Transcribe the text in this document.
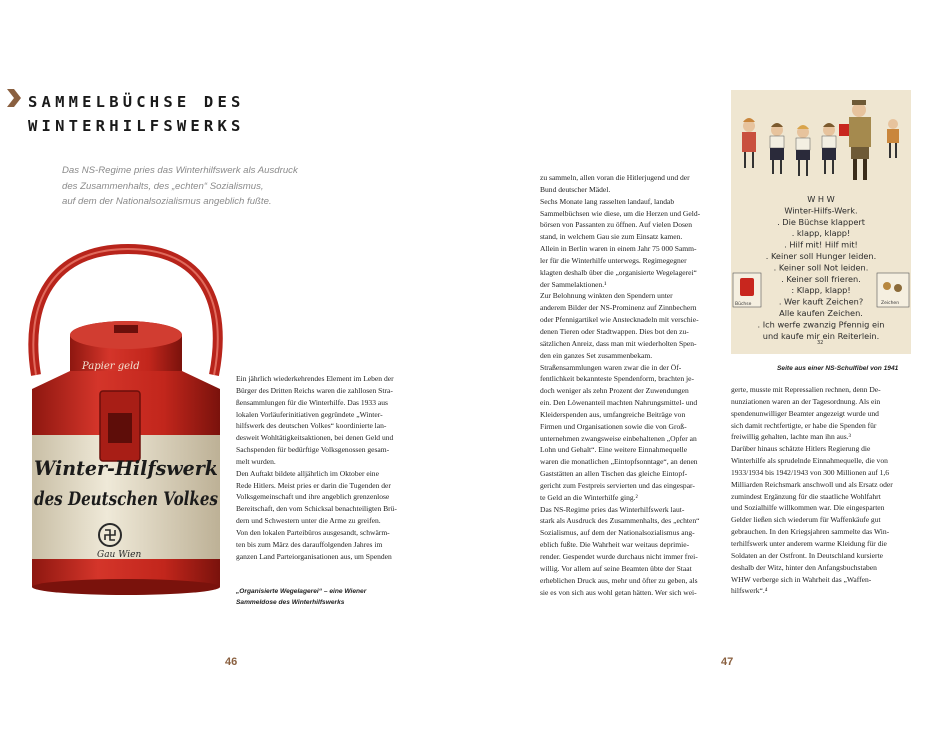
SAMMELBÜCHSE DES
WINTERHILFSWERKS
Das NS-Regime pries das Winterhilfswerk als Ausdruck
des Zusammenhalts, des „echten“ Sozialismus,
auf dem der Nationalsozialismus angeblich fußte.
Papier geld
Winter-Hilfswerk
des Deutschen Volkes
Gau Wien
„Organisierte Wegelagerei“ – eine Wiener
Sammeldose des Winterhilfswerks
Ein jährlich wiederkehrendes Element im Leben der
Bürger des Dritten Reichs waren die zahllosen Stra-
ßensammlungen für die Winterhilfe. Das 1933 aus
lokalen Vorläuferinitiativen gegründete „Winter-
hilfswerk des deutschen Volkes“ koordinierte lan-
desweit Wohltätigkeitsaktionen, bei denen Geld und
Sachspenden für bedürftige Volksgenossen gesam-
melt wurden.
Den Auftakt bildete alljährlich im Oktober eine
Rede Hitlers. Meist pries er darin die Tugenden der
Volksgemeinschaft und ihre angeblich grenzenlose
Bereitschaft, den vom Schicksal benachteiligten Brü-
dern und Schwestern unter die Arme zu greifen.
Von den lokalen Parteibüros ausgesandt, schwärm-
ten bis zum März des darauffolgenden Jahres im
ganzen Land Parteiorganisationen aus, um Spenden
zu sammeln, allen voran die Hitlerjugend und der
Bund deutscher Mädel.
Sechs Monate lang rasselten landauf, landab
Sammelbüchsen wie diese, um die Herzen und Geld-
börsen von Passanten zu öffnen. Auf vielen Dosen
stand, in welchem Gau sie zum Einsatz kamen.
Allein in Berlin waren in einem Jahr 75 000 Samm-
ler für die Winterhilfe unterwegs. Regimegegner
klagten deshalb über die „organisierte Wegelagerei“
der Sammelaktionen.¹
Zur Belohnung winkten den Spendern unter
anderem Bilder der NS-Prominenz auf Zinnbechern
oder Pfennigartikel wie Anstecknadeln mit verschie-
denen Tieren oder Stadtwappen. Dies bot den zu-
sätzlichen Anreiz, dass man mit wiederholten Spen-
den ein ganzes Set zusammenbekam.
Straßensammlungen waren zwar die in der Öf-
fentlichkeit bekannteste Spendenform, brachten je-
doch weniger als zehn Prozent der Zuwendungen
ein. Den Löwenanteil machten Nahrungsmittel- und
Kleiderspenden aus, umfangreiche Beiträge von
Firmen und Organisationen sowie die von Groß-
unternehmen zwangsweise einbehaltenen „Opfer an
Lohn und Gehalt“. Eine weitere Einnahmequelle
waren die monatlichen „Eintopfsonntage“, an denen
Gaststätten an allen Tischen das gleiche Eintopf-
gericht zum Festpreis servierten und das eingespar-
te Geld an die Winterhilfe ging.²
Das NS-Regime pries das Winterhilfswerk laut-
stark als Ausdruck des Zusammenhalts, des „echten“
Sozialismus, auf dem der Nationalsozialismus ang-
eblich fußte. Die Wahrheit war weitaus deprimie-
render. Gespendet wurde durchaus nicht immer frei-
willig. Vor allem auf seine Beamten übte der Staat
erheblichen Druck aus, mehr und öfter zu geben, als
sie es von sich aus wohl getan hätten. Wer sich wei-
gerte, musste mit Repressalien rechnen, denn De-
nunziationen waren an der Tagesordnung. Als ein
spendenunwilliger Beamter angezeigt wurde und
sich damit rechtfertigte, er habe die Spenden für
freiwillig gehalten, lachte man ihn aus.³
Darüber hinaus schätzte Hitlers Regierung die
Winterhilfe als sprudelnde Einnahmequelle, die von
1933/1934 bis 1942/1943 von 300 Millionen auf 1,6
Milliarden Reichsmark anschwoll und als Ersatz oder
zumindest Ergänzung für die staatliche Wohlfahrt
und Sozialhilfe willkommen war. Die eingesparten
Gelder ließen sich wiederum für Waffenkäufe gut
gebrauchen. In den Kriegsjahren sammelte das Win-
terhilfswerk unter anderem warme Kleidung für die
Soldaten an der Ostfront. In Deutschland kursierte
deshalb der Witz, hinter den Anfangsbuchstaben
WHW verberge sich in Wahrheit das „Waffen-
hilfswerk“.⁴
W H W
Winter-Hilfs-Werk.
. Die Büchse klappert
. klapp, klapp!
. Hilf mit! Hilf mit!
. Keiner soll Hunger leiden.
. Keiner soll Not leiden.
. Keiner soll frieren.
: Klapp, klapp!
. Wer kauft Zeichen?
Alle kaufen Zeichen.
. Ich werfe zwanzig Pfennig ein
und kaufe mir ein Reiterlein.
Büchse	Zeichen
32
Seite aus einer NS-Schulfibel von 1941
46	47
